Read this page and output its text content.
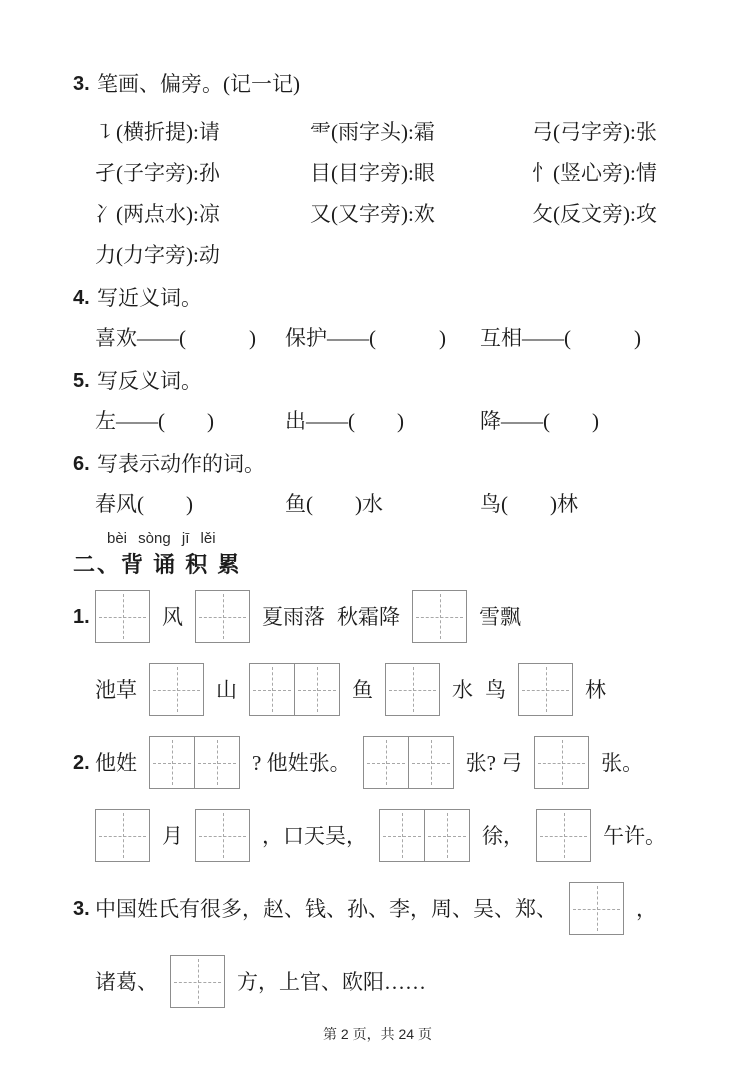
3. 笔画、偏旁。(记一记)
㇊(横折提):请	⻗(雨字头):霜	弓(弓字旁):张
孑(子字旁):孙	目(目字旁):眼	忄(竖心旁):情
冫(两点水):凉	又(又字旁):欢	攵(反文旁):攻
力(力字旁):动
4. 写近义词。
喜欢——(　　　)	保护——(　　　)	互相——(　　　)
5. 写反义词。
左——(　　)	出——(　　)	降——(　　)
6. 写表示动作的词。
春风(　　)	鱼(　　)水	鸟(　　)林
bèi sòng jī lěi
二、 背 诵 积 累
1.	风	夏雨落 秋霜降	雪飘
池草	山	鱼	水 鸟	林
2. 他姓	? 他姓张。	张? 弓	张。
月	，口天吴，	徐，	午许。
3. 中国姓氏有很多，赵、钱、孙、李，周、吴、郑、	，
诸葛、	方，上官、欧阳……
第 2 页，共 24 页
